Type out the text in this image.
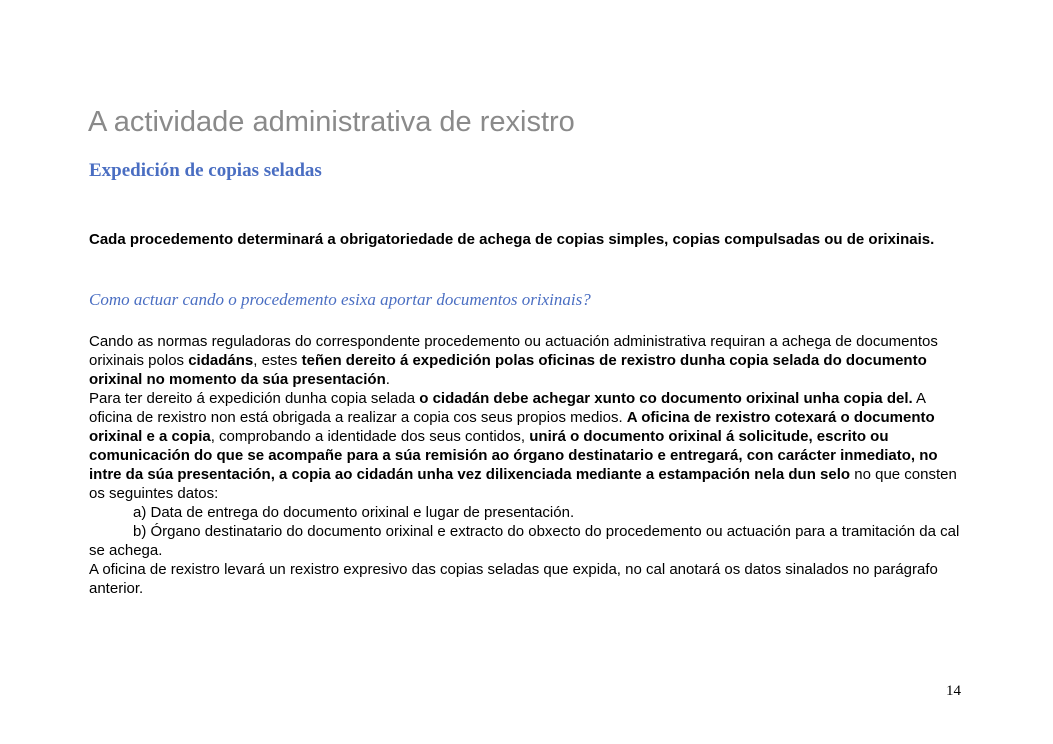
A actividade administrativa de rexistro
Expedición de copias seladas

Cada procedemento determinará a obrigatoriedade de achega de copias simples, copias compulsadas ou de orixinais.

Como actuar cando o procedemento esixa aportar documentos orixinais?

Cando as normas reguladoras do correspondente procedemento ou actuación administrativa requiran a achega de documentos orixinais polos cidadáns, estes teñen dereito á expedición polas oficinas de rexistro dunha copia selada do documento orixinal no momento da súa presentación.

Para ter dereito á expedición dunha copia selada o cidadán debe achegar xunto co documento orixinal unha copia del. A oficina de rexistro non está obrigada a realizar a copia cos seus propios medios. A oficina de rexistro cotexará o documento orixinal e a copia, comprobando a identidade dos seus contidos, unirá o documento orixinal á solicitude, escrito ou comunicación do que se acompañe para a súa remisión ao órgano destinatario e entregará, con carácter inmediato, no intre da súa presentación, a copia ao cidadán unha vez dilixenciada mediante a estampación nela dun selo no que consten os seguintes datos:

a) Data de entrega do documento orixinal e lugar de presentación.

b) Órgano destinatario do documento orixinal e extracto do obxecto do procedemento ou actuación para a tramitación da cal se achega.

A oficina de rexistro levará un rexistro expresivo das copias seladas que expida, no cal anotará os datos sinalados no parágrafo anterior.

14
